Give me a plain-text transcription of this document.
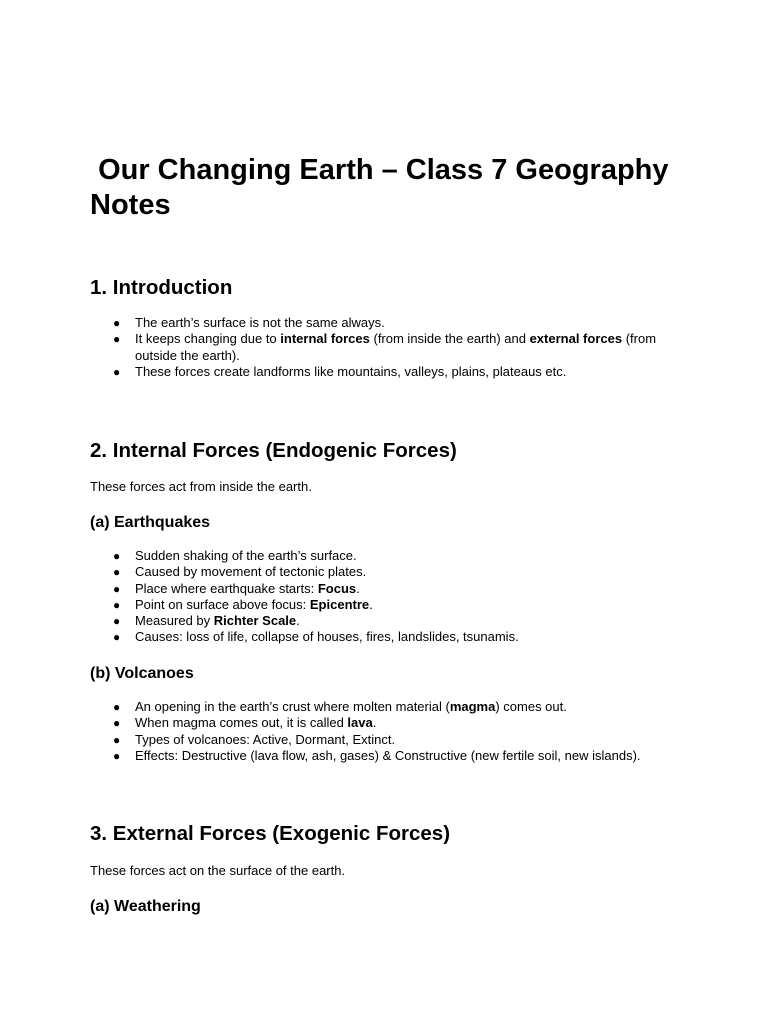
Our Changing Earth – Class 7 Geography Notes
1. Introduction
● The earth’s surface is not the same always.
● It keeps changing due to internal forces (from inside the earth) and external forces (from outside the earth).
● These forces create landforms like mountains, valleys, plains, plateaus etc.
2. Internal Forces (Endogenic Forces)

These forces act from inside the earth.

(a) Earthquakes
● Sudden shaking of the earth’s surface.
● Caused by movement of tectonic plates.
● Place where earthquake starts: Focus.
● Point on surface above focus: Epicentre.
● Measured by Richter Scale.
● Causes: loss of life, collapse of houses, fires, landslides, tsunamis.
(b) Volcanoes
● An opening in the earth’s crust where molten material (magma) comes out.
● When magma comes out, it is called lava.
● Types of volcanoes: Active, Dormant, Extinct.
● Effects: Destructive (lava flow, ash, gases) & Constructive (new fertile soil, new islands).
3. External Forces (Exogenic Forces)

These forces act on the surface of the earth.

(a) Weathering
